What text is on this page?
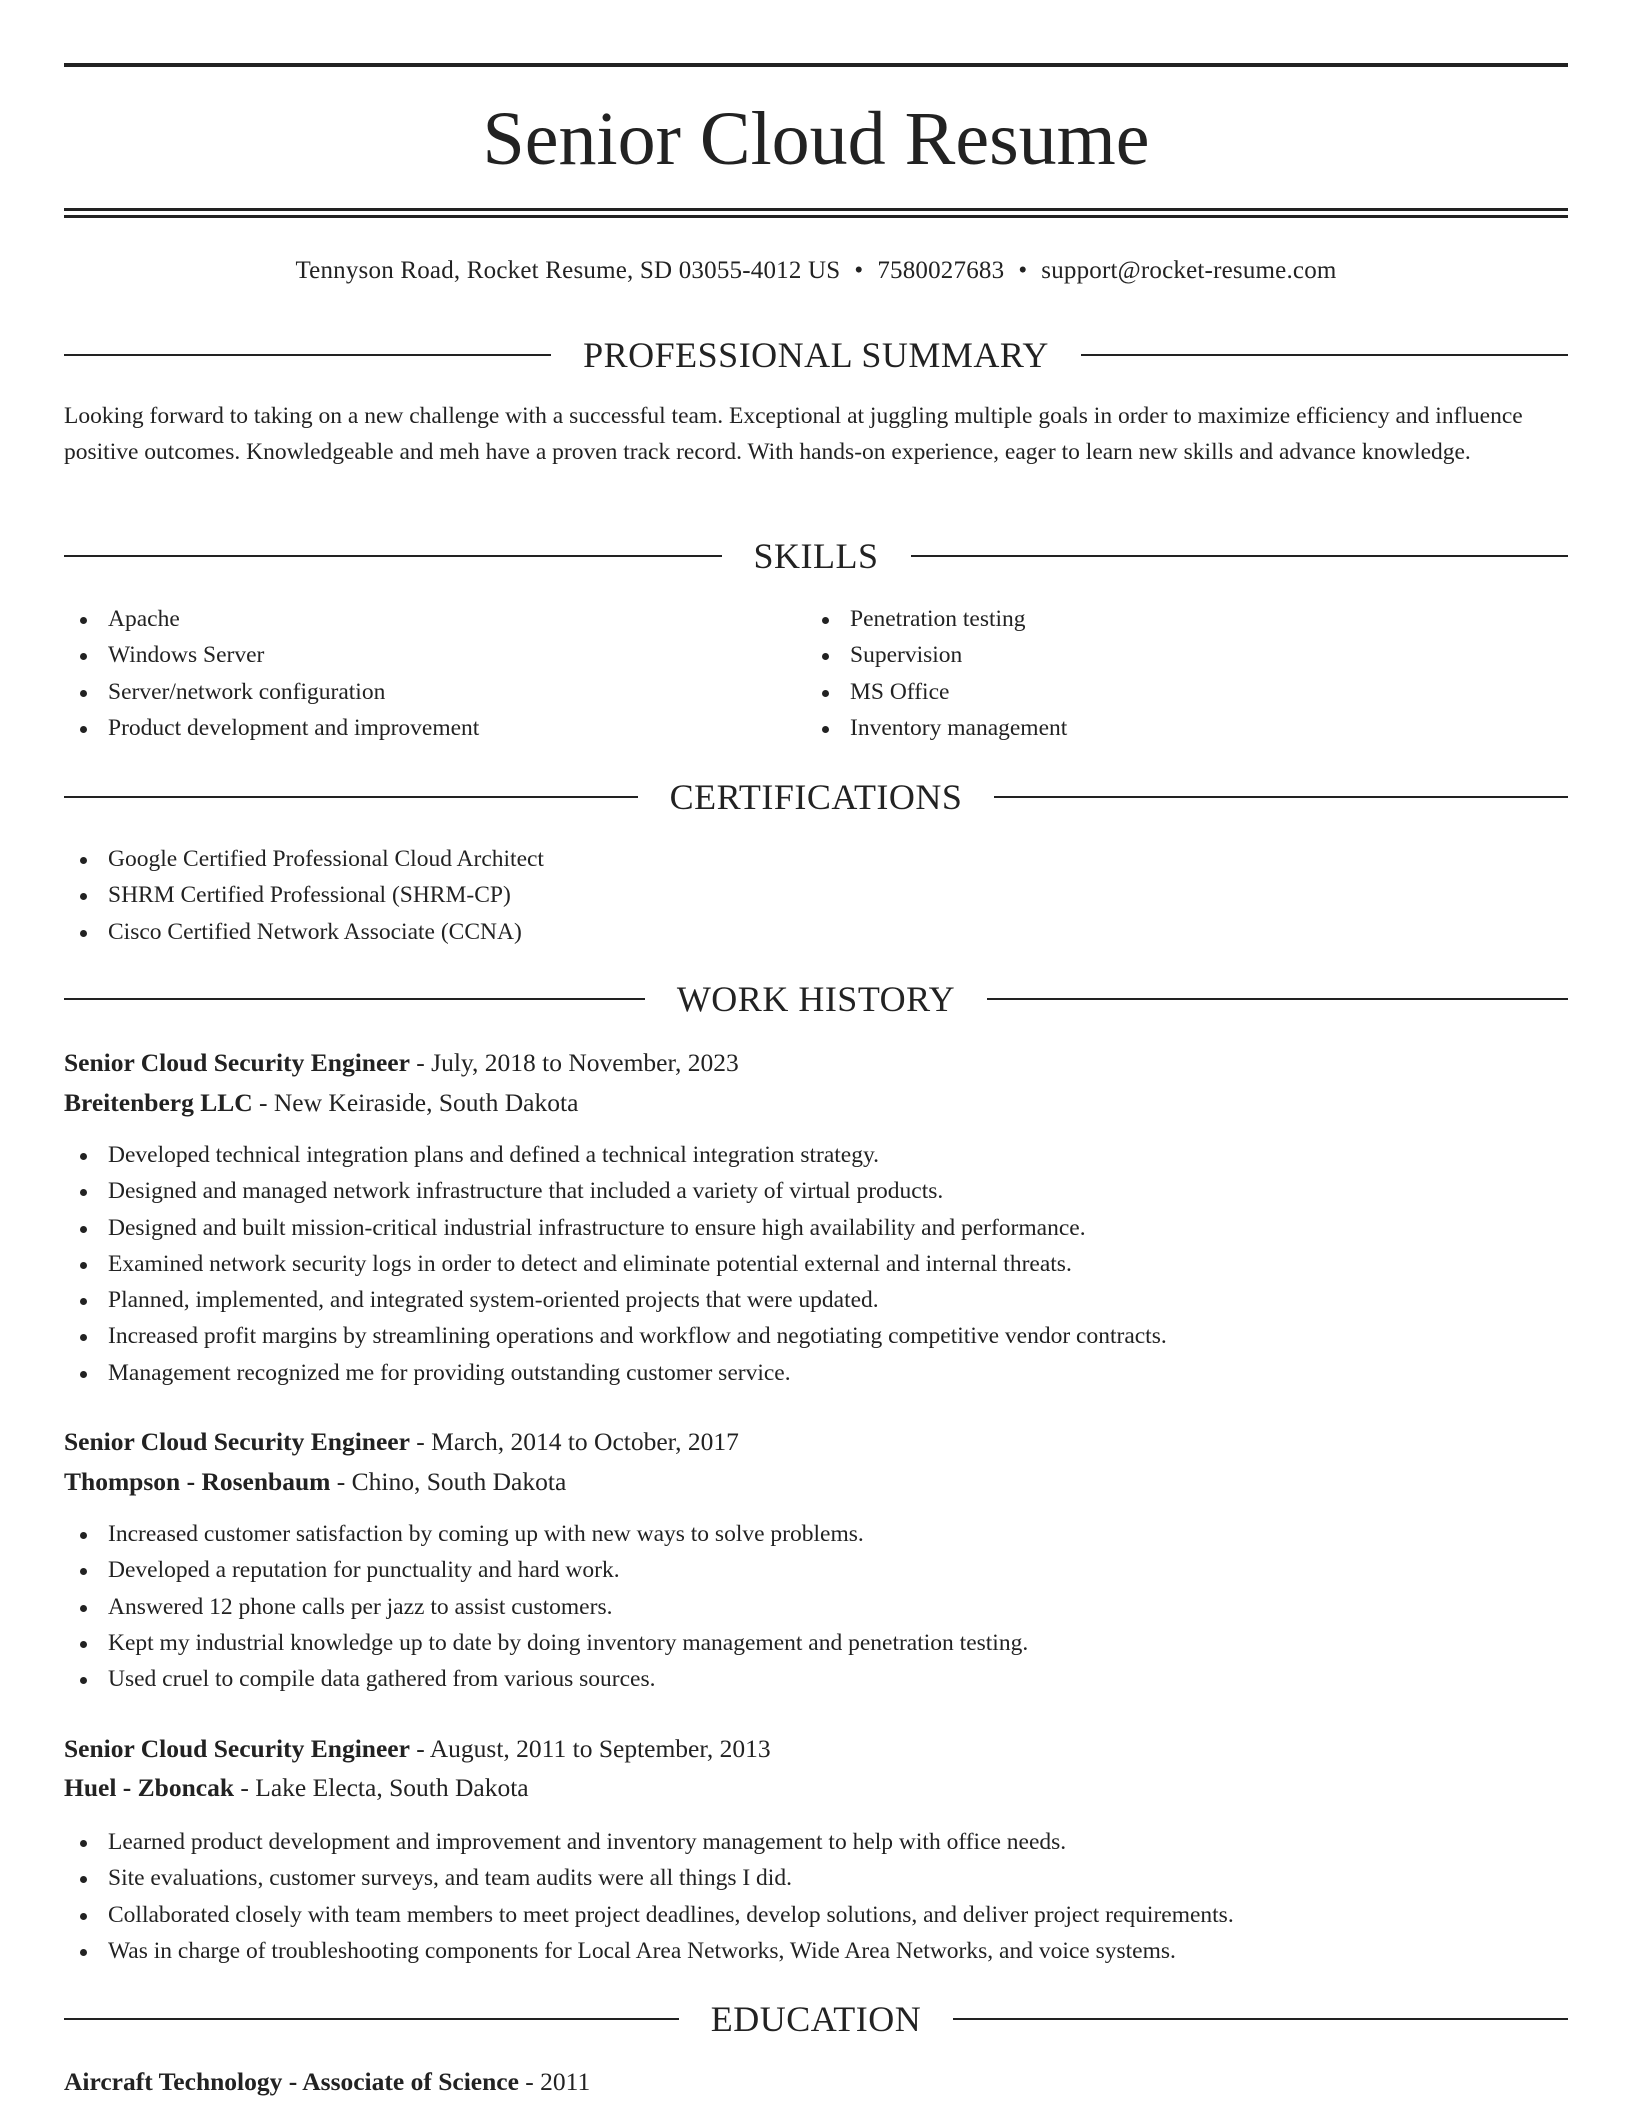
Senior Cloud Resume
Tennyson Road, Rocket Resume, SD 03055-4012 US • 7580027683 • support@rocket-resume.com
PROFESSIONAL SUMMARY

Looking forward to taking on a new challenge with a successful team. Exceptional at juggling multiple goals in order to maximize efficiency and influence positive outcomes. Knowledgeable and meh have a proven track record. With hands-on experience, eager to learn new skills and advance knowledge.

SKILLS
Apache
Windows Server
Server/network configuration
Product development and improvement
Penetration testing
Supervision
MS Office
Inventory management
CERTIFICATIONS
Google Certified Professional Cloud Architect
SHRM Certified Professional (SHRM-CP)
Cisco Certified Network Associate (CCNA)
WORK HISTORY
Senior Cloud Security Engineer - July, 2018 to November, 2023
Breitenberg LLC - New Keiraside, South Dakota
Developed technical integration plans and defined a technical integration strategy.
Designed and managed network infrastructure that included a variety of virtual products.
Designed and built mission-critical industrial infrastructure to ensure high availability and performance.
Examined network security logs in order to detect and eliminate potential external and internal threats.
Planned, implemented, and integrated system-oriented projects that were updated.
Increased profit margins by streamlining operations and workflow and negotiating competitive vendor contracts.
Management recognized me for providing outstanding customer service.
Senior Cloud Security Engineer - March, 2014 to October, 2017
Thompson - Rosenbaum - Chino, South Dakota
Increased customer satisfaction by coming up with new ways to solve problems.
Developed a reputation for punctuality and hard work.
Answered 12 phone calls per jazz to assist customers.
Kept my industrial knowledge up to date by doing inventory management and penetration testing.
Used cruel to compile data gathered from various sources.
Senior Cloud Security Engineer - August, 2011 to September, 2013
Huel - Zboncak - Lake Electa, South Dakota
Learned product development and improvement and inventory management to help with office needs.
Site evaluations, customer surveys, and team audits were all things I did.
Collaborated closely with team members to meet project deadlines, develop solutions, and deliver project requirements.
Was in charge of troubleshooting components for Local Area Networks, Wide Area Networks, and voice systems.
EDUCATION
Aircraft Technology - Associate of Science - 2011
